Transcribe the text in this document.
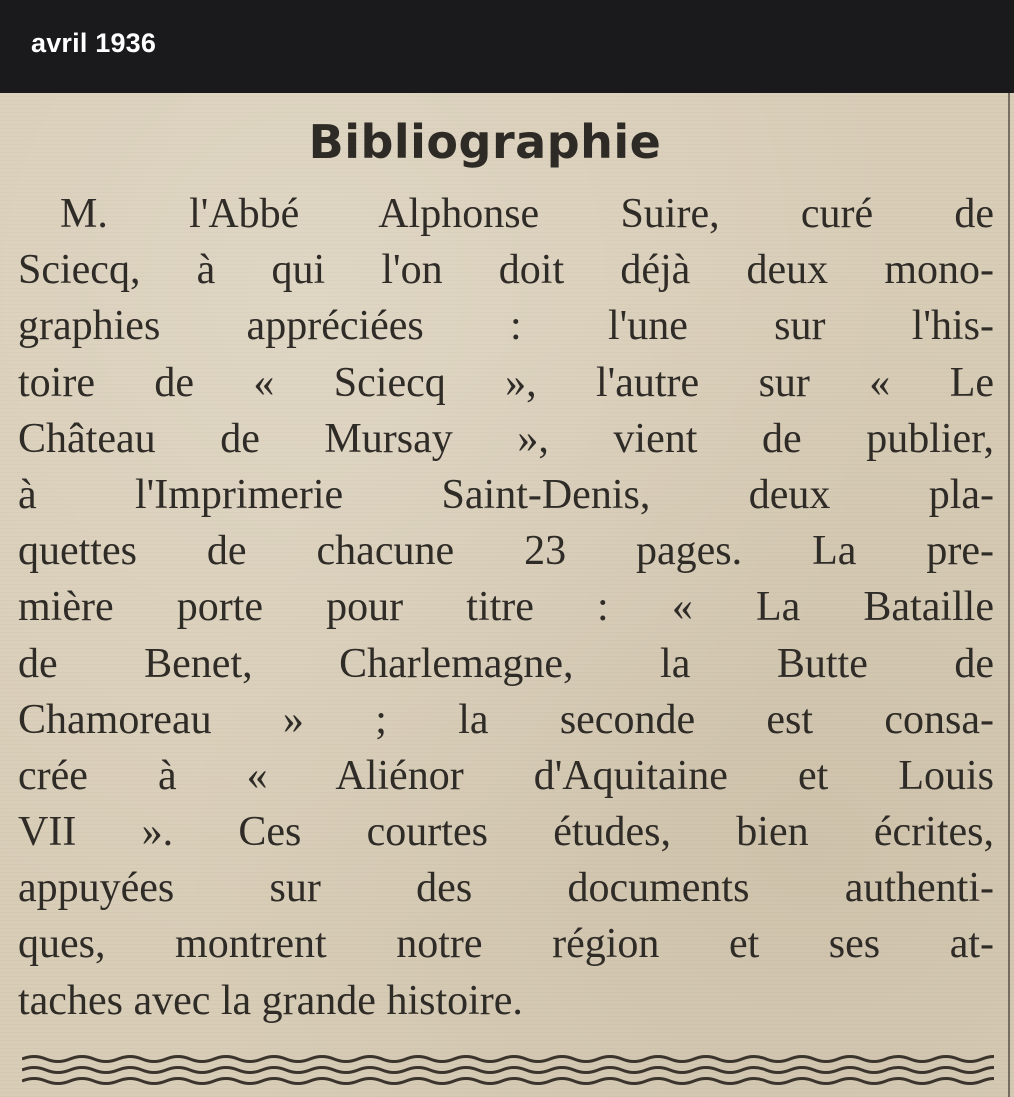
avril 1936
Bibliographie
M. l'Abbé Alphonse Suire, curé de
Sciecq, à qui l'on doit déjà deux mono-
graphies appréciées : l'une sur l'his-
toire de « Sciecq », l'autre sur « Le
Château de Mursay », vient de publier,
à l'Imprimerie Saint-Denis, deux pla-
quettes de chacune 23 pages. La pre-
mière porte pour titre : « La Bataille
de Benet, Charlemagne, la Butte de
Chamoreau » ; la seconde est consa-
crée à « Aliénor d'Aquitaine et Louis
VII ». Ces courtes études, bien écrites,
appuyées sur des documents authenti-
ques, montrent notre région et ses at-
taches avec la grande histoire.
